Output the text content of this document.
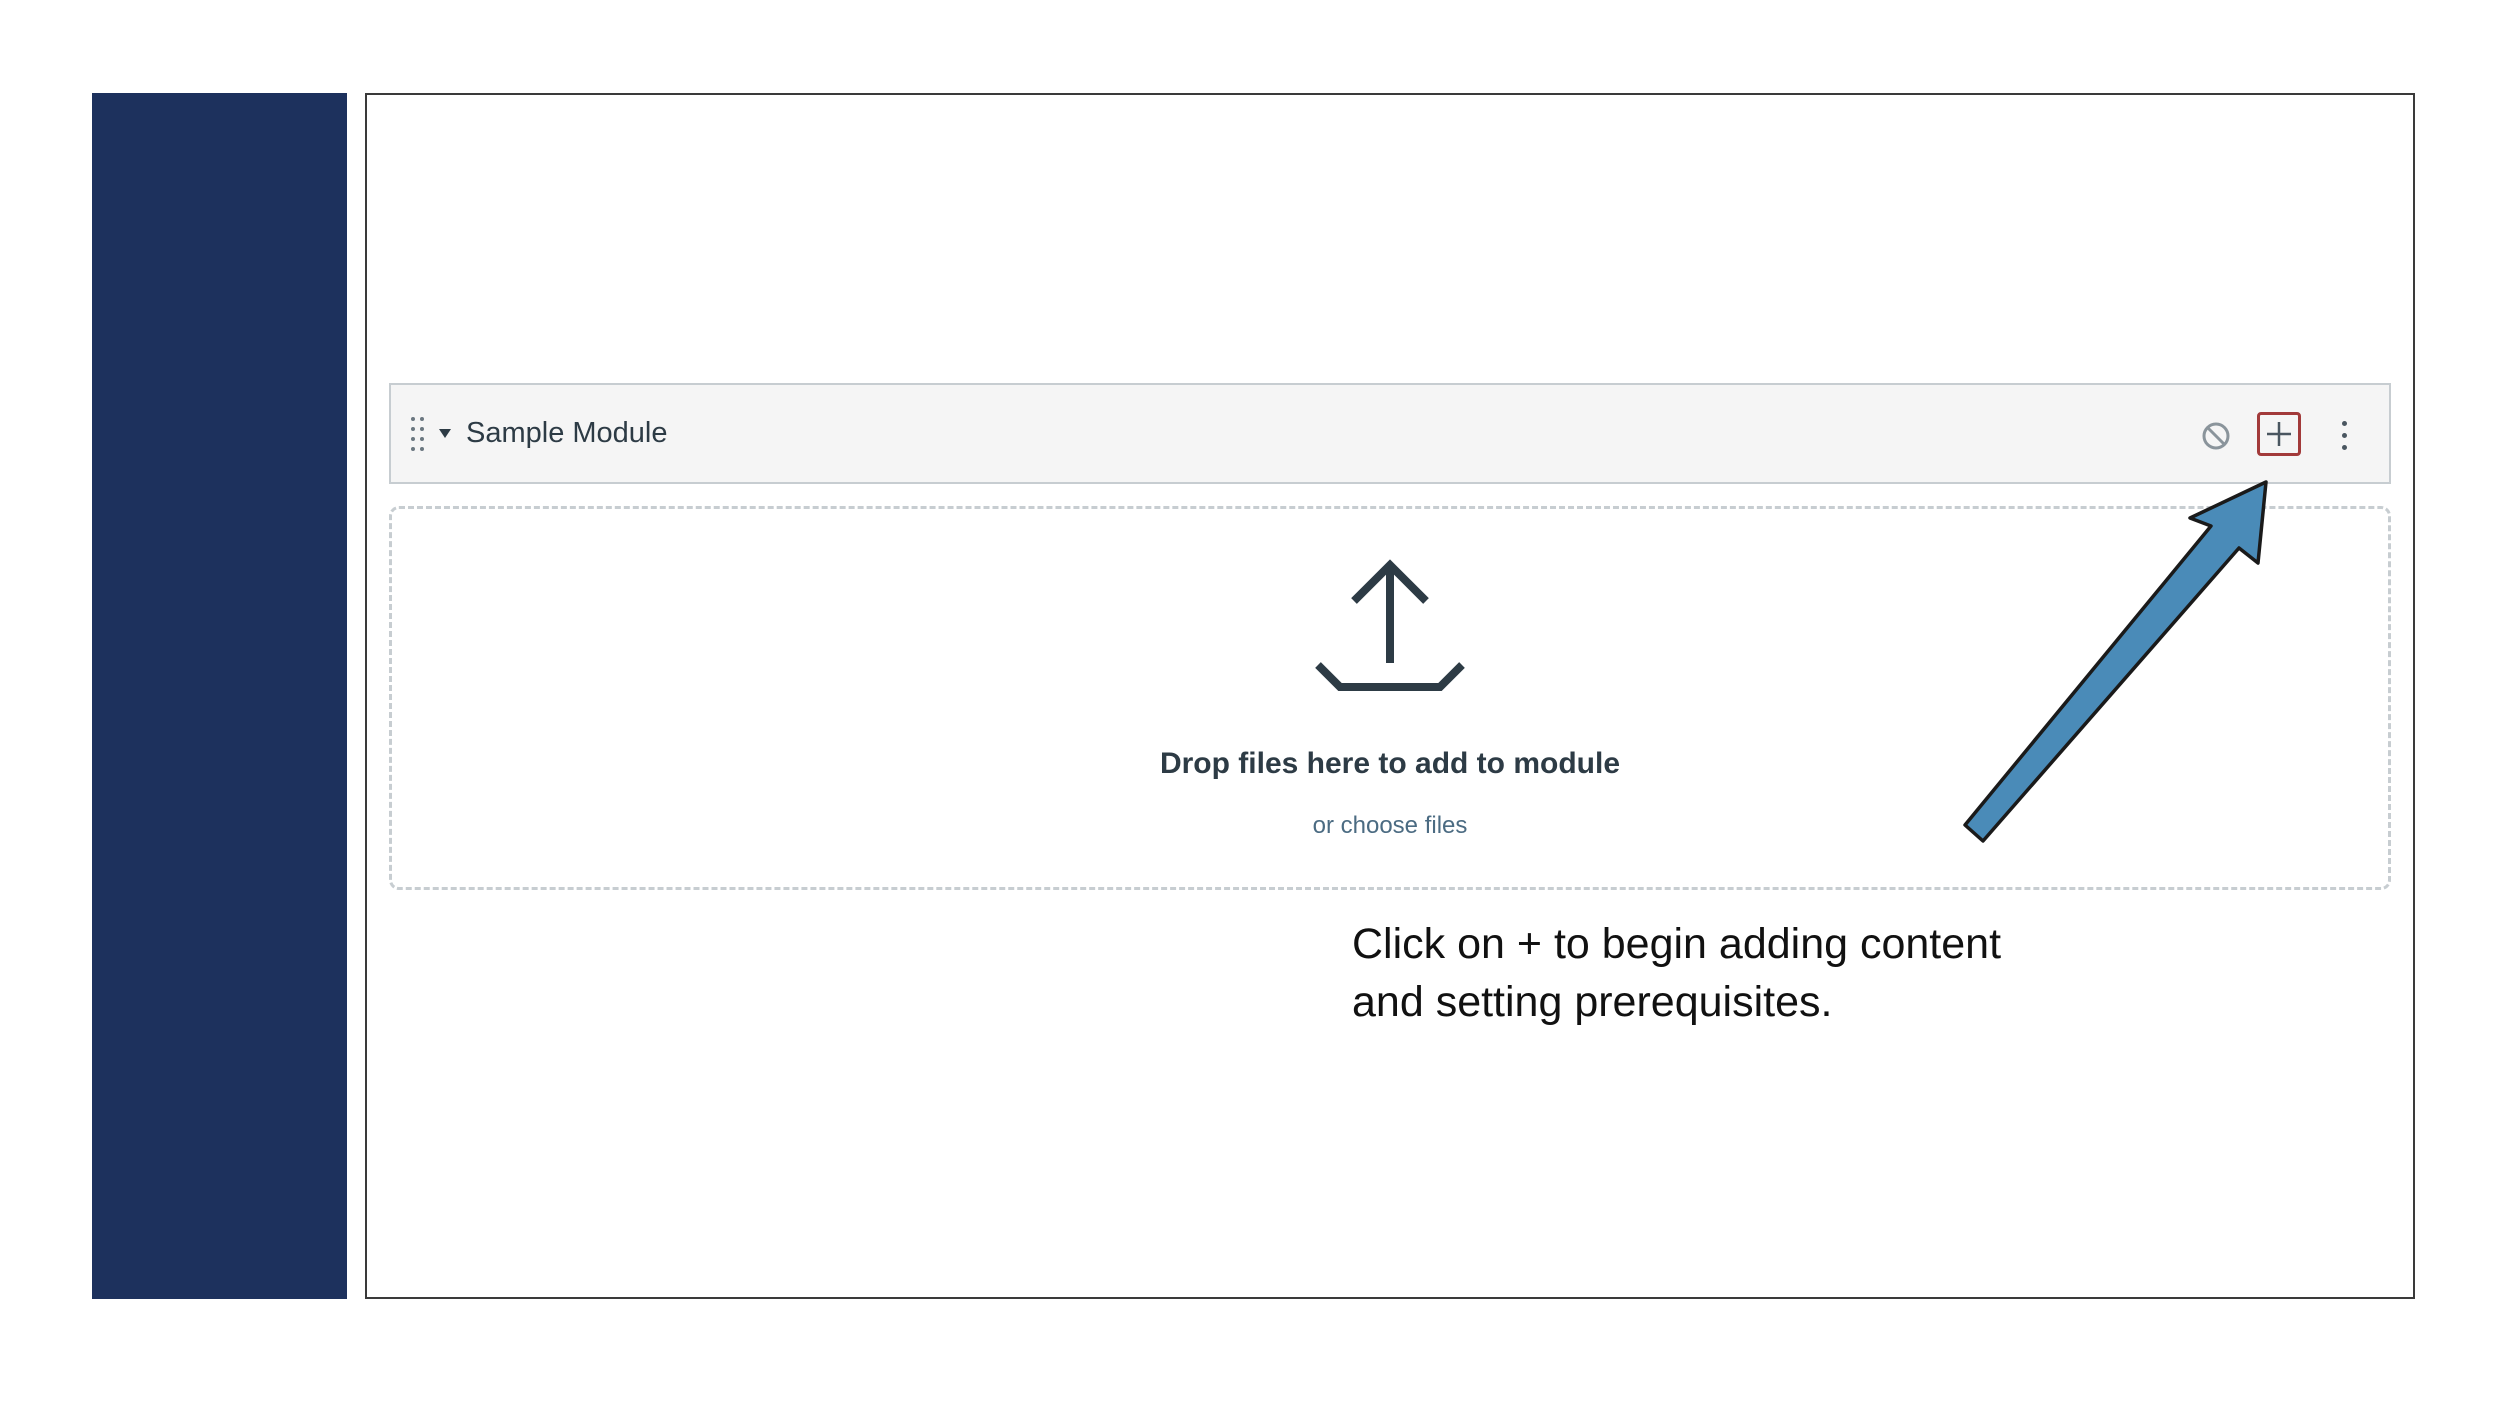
Sample Module
Drop files here to add to module
or choose files
Click on + to begin adding content
and setting prerequisites.
